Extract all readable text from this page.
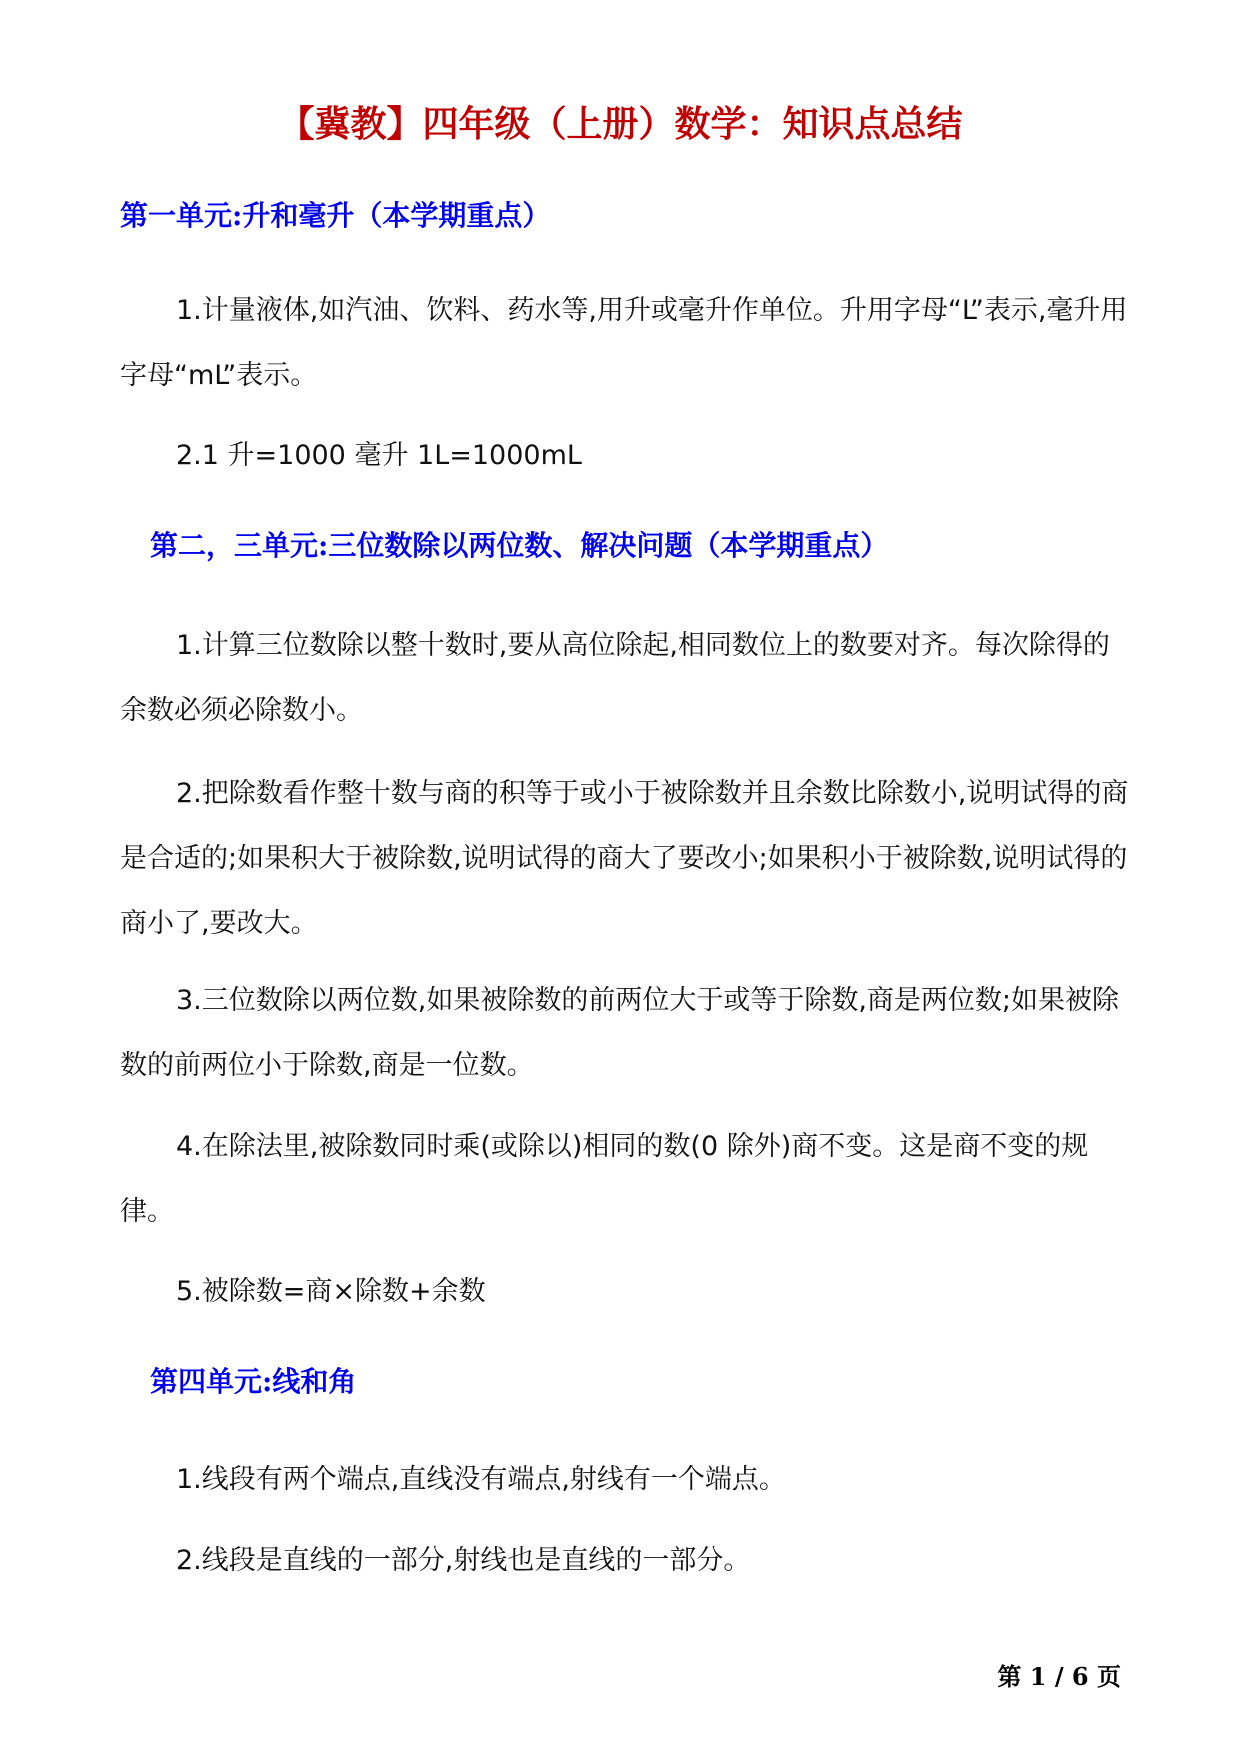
【冀教】四年级（上册）数学：知识点总结
第一单元:升和毫升（本学期重点）

1.计量液体,如汽油、饮料、药水等,用升或毫升作单位。升用字母“L”表示,毫升用字母“mL”表示。

2.1 升=1000 毫升 1L=1000mL

第二，三单元:三位数除以两位数、解决问题（本学期重点）

1.计算三位数除以整十数时,要从高位除起,相同数位上的数要对齐。每次除得的余数必须必除数小。

2.把除数看作整十数与商的积等于或小于被除数并且余数比除数小,说明试得的商是合适的;如果积大于被除数,说明试得的商大了要改小;如果积小于被除数,说明试得的商小了,要改大。

3.三位数除以两位数,如果被除数的前两位大于或等于除数,商是两位数;如果被除数的前两位小于除数,商是一位数。

4.在除法里,被除数同时乘(或除以)相同的数(0 除外)商不变。这是商不变的规律。

5.被除数=商×除数+余数

第四单元:线和角

1.线段有两个端点,直线没有端点,射线有一个端点。

2.线段是直线的一部分,射线也是直线的一部分。

第 1 / 6 页
